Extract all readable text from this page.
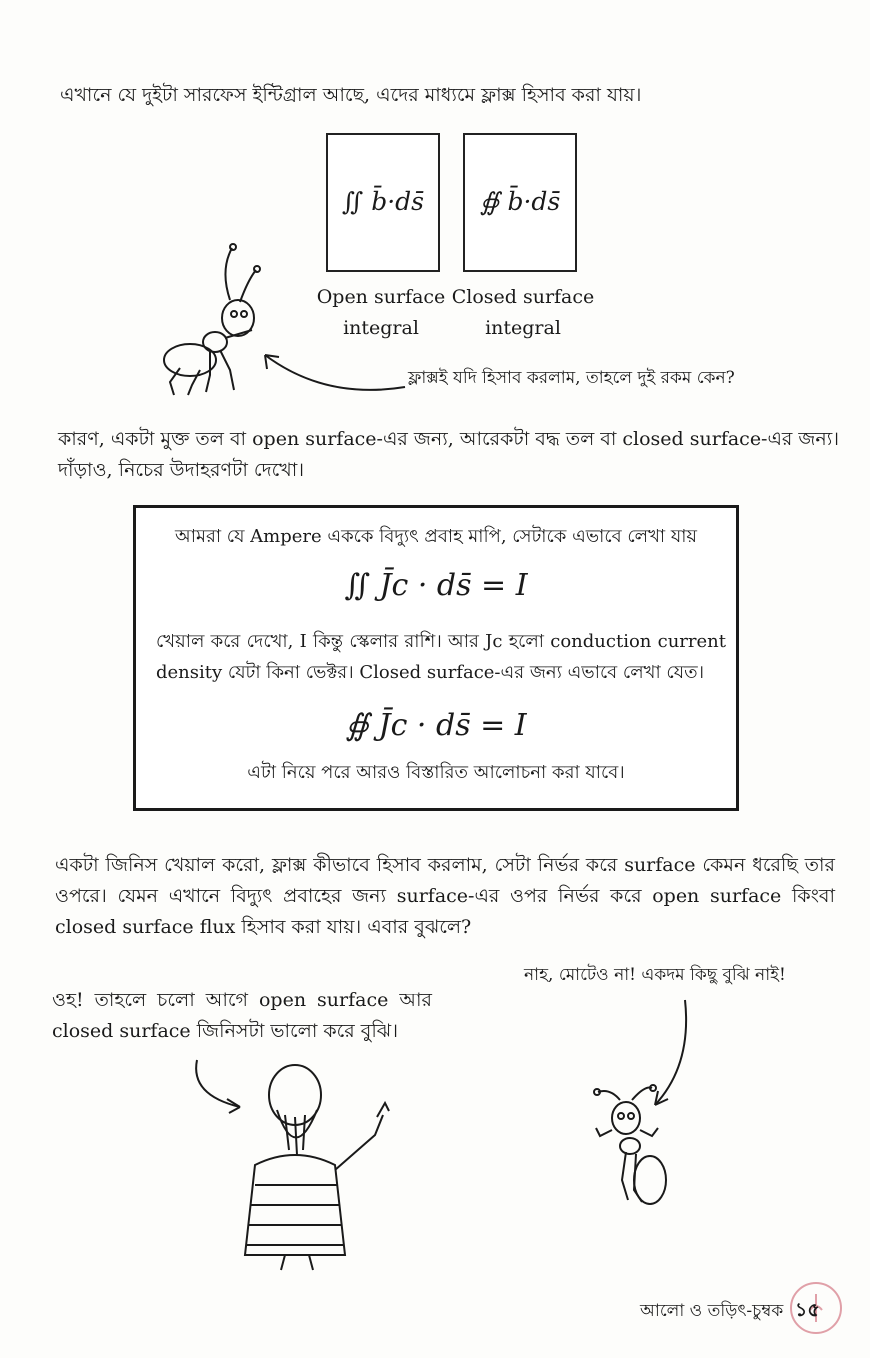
এখানে যে দুইটা সারফেস ইন্টিগ্রাল আছে, এদের মাধ্যমে ফ্লাক্স হিসাব করা যায়।
∬ b̄·ds̄	∯ b̄·ds̄
Open surface
integral
Closed surface
integral
ফ্লাক্সই যদি হিসাব করলাম, তাহলে দুই রকম কেন?
কারণ, একটা মুক্ত তল বা open surface-এর জন্য, আরেকটা বদ্ধ তল বা closed surface-এর জন্য। দাঁড়াও, নিচের উদাহরণটা দেখো।
আমরা যে Ampere এককে বিদ্যুৎ প্রবাহ মাপি, সেটাকে এভাবে লেখা যায়
∬ J̄c · ds̄ = I
খেয়াল করে দেখো, I কিন্তু স্কেলার রাশি। আর Jc হলো conduction current density যেটা কিনা ভেক্টর। Closed surface-এর জন্য এভাবে লেখা যেত।
∯ J̄c · ds̄ = I
এটা নিয়ে পরে আরও বিস্তারিত আলোচনা করা যাবে।
একটা জিনিস খেয়াল করো, ফ্লাক্স কীভাবে হিসাব করলাম, সেটা নির্ভর করে surface কেমন ধরেছি তার ওপরে। যেমন এখানে বিদ্যুৎ প্রবাহের জন্য surface-এর ওপর নির্ভর করে open surface কিংবা closed surface flux হিসাব করা যায়। এবার বুঝলে?
ওহ! তাহলে চলো আগে open surface আর closed surface জিনিসটা ভালো করে বুঝি।
নাহ, মোটেও না! একদম কিছু বুঝি নাই!
আলো ও তড়িৎ-চুম্বক ১৫
